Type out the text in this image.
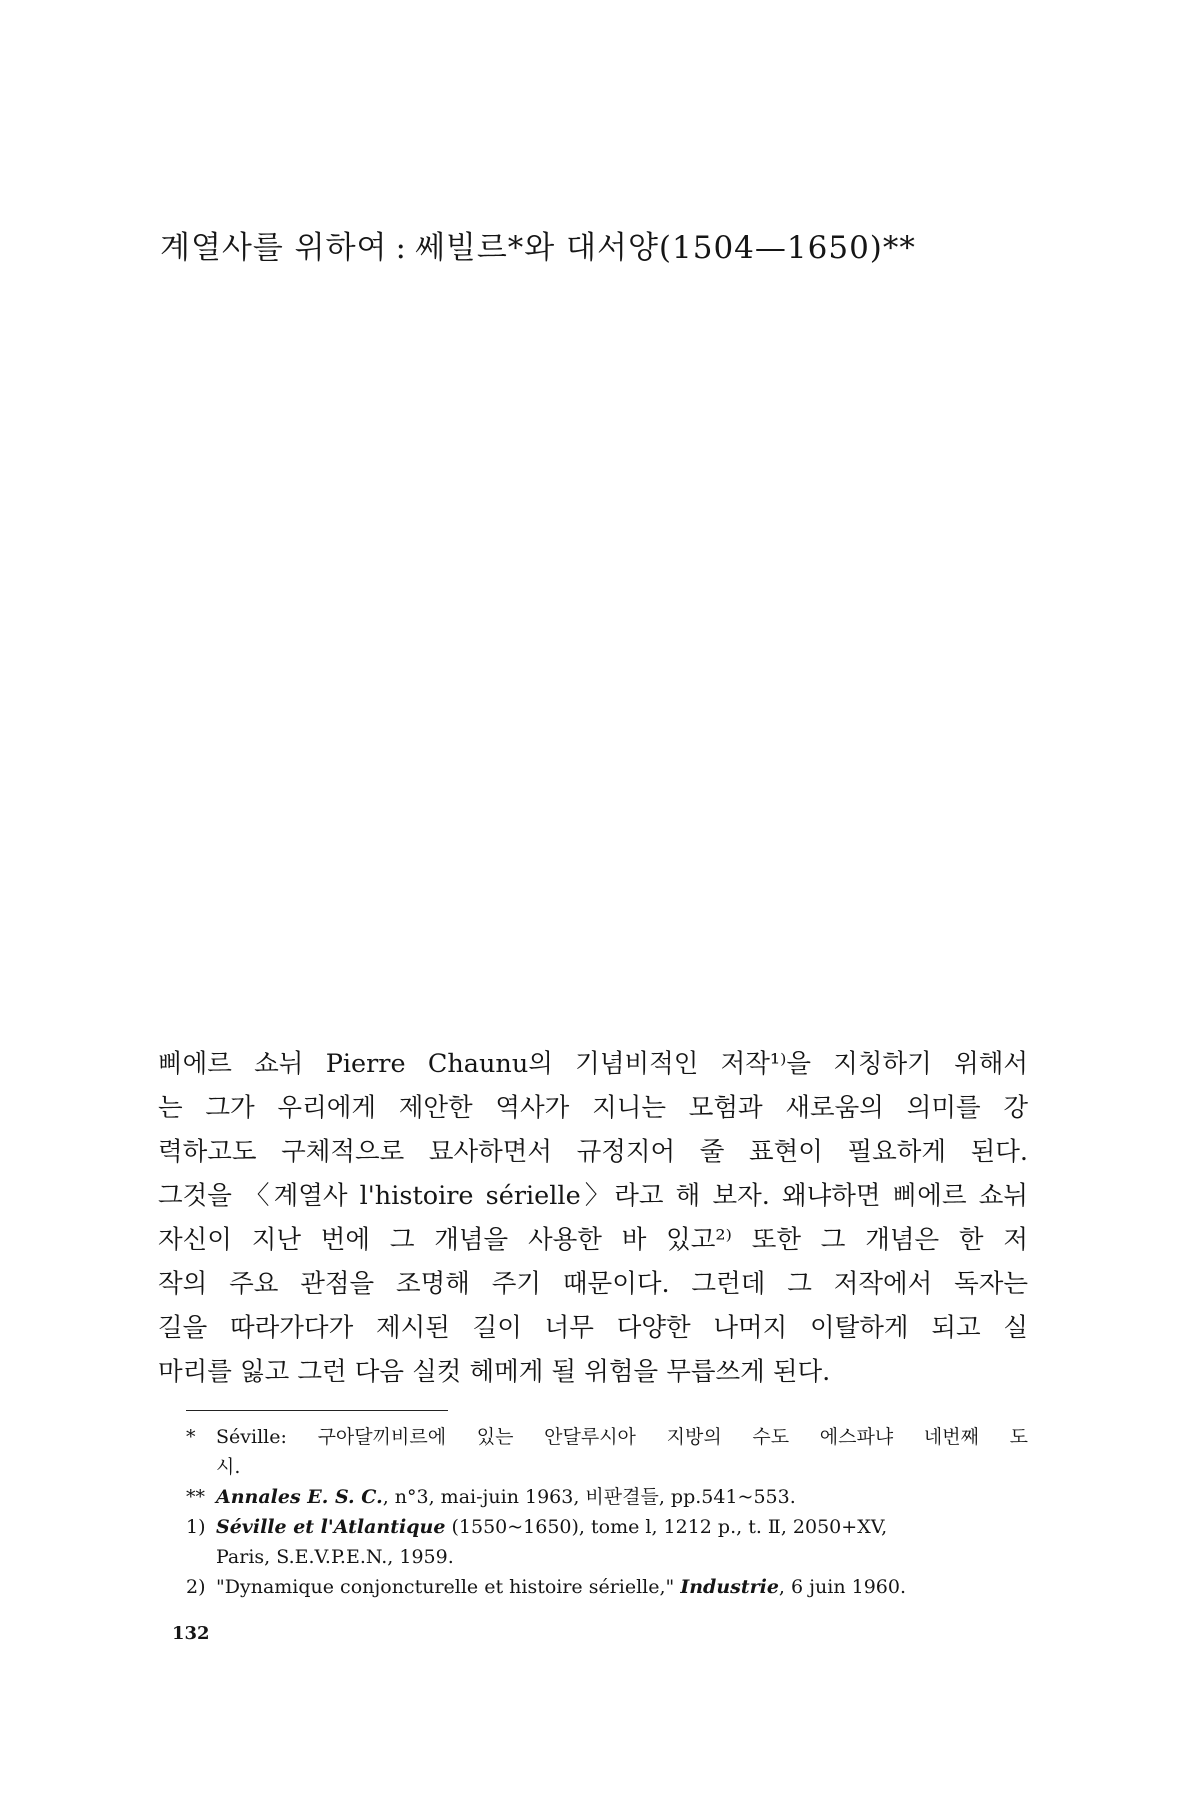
계열사를 위하여 : 쎄빌르*와 대서양(1504—1650)**
삐에르 쇼뉘 Pierre Chaunu의 기념비적인 저작¹⁾을 지칭하기 위해서
는 그가 우리에게 제안한 역사가 지니는 모험과 새로움의 의미를 강
력하고도 구체적으로 묘사하면서 규정지어 줄 표현이 필요하게 된다.
그것을 〈계열사 l'histoire sérielle〉라고 해 보자. 왜냐하면 삐에르 쇼뉘
자신이 지난 번에 그 개념을 사용한 바 있고²⁾ 또한 그 개념은 한 저
작의 주요 관점을 조명해 주기 때문이다. 그런데 그 저작에서 독자는
길을 따라가다가 제시된 길이 너무 다양한 나머지 이탈하게 되고 실
마리를 잃고 그런 다음 실컷 헤메게 될 위험을 무릅쓰게 된다.
*	Séville: 구아달끼비르에 있는 안달루시아 지방의 수도 에스파냐 네번째 도
시.
** Annales E. S. C., n°3, mai-juin 1963, 비판결들, pp.541~553.
1) Séville et l'Atlantique (1550~1650), tome l, 1212 p., t. Ⅱ, 2050+XV,
Paris, S.E.V.P.E.N., 1959.
2) "Dynamique conjoncturelle et histoire sérielle," Industrie, 6 juin 1960.
132
